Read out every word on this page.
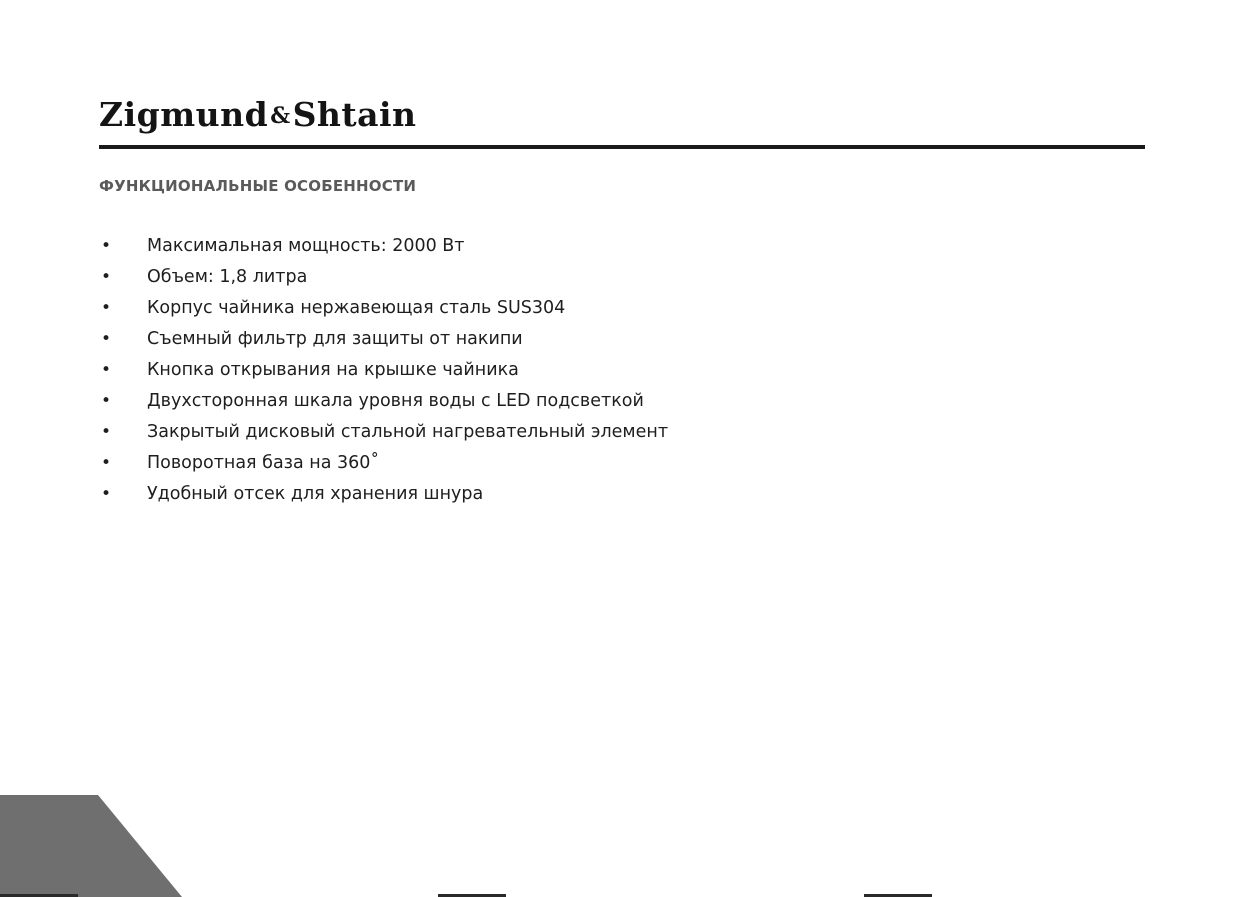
Zigmund&Shtain
ФУНКЦИОНАЛЬНЫЕ ОСОБЕННОСТИ
•	Максимальная мощность: 2000 Вт
•	Объем: 1,8 литра
•	Корпус чайника нержавеющая сталь SUS304
•	Съемный фильтр для защиты от накипи
•	Кнопка открывания на крышке чайника
•	Двухсторонная шкала уровня воды с LED подсветкой
•	Закрытый дисковый стальной нагревательный элемент
•	Поворотная база на 360˚
•	Удобный отсек для хранения шнура
